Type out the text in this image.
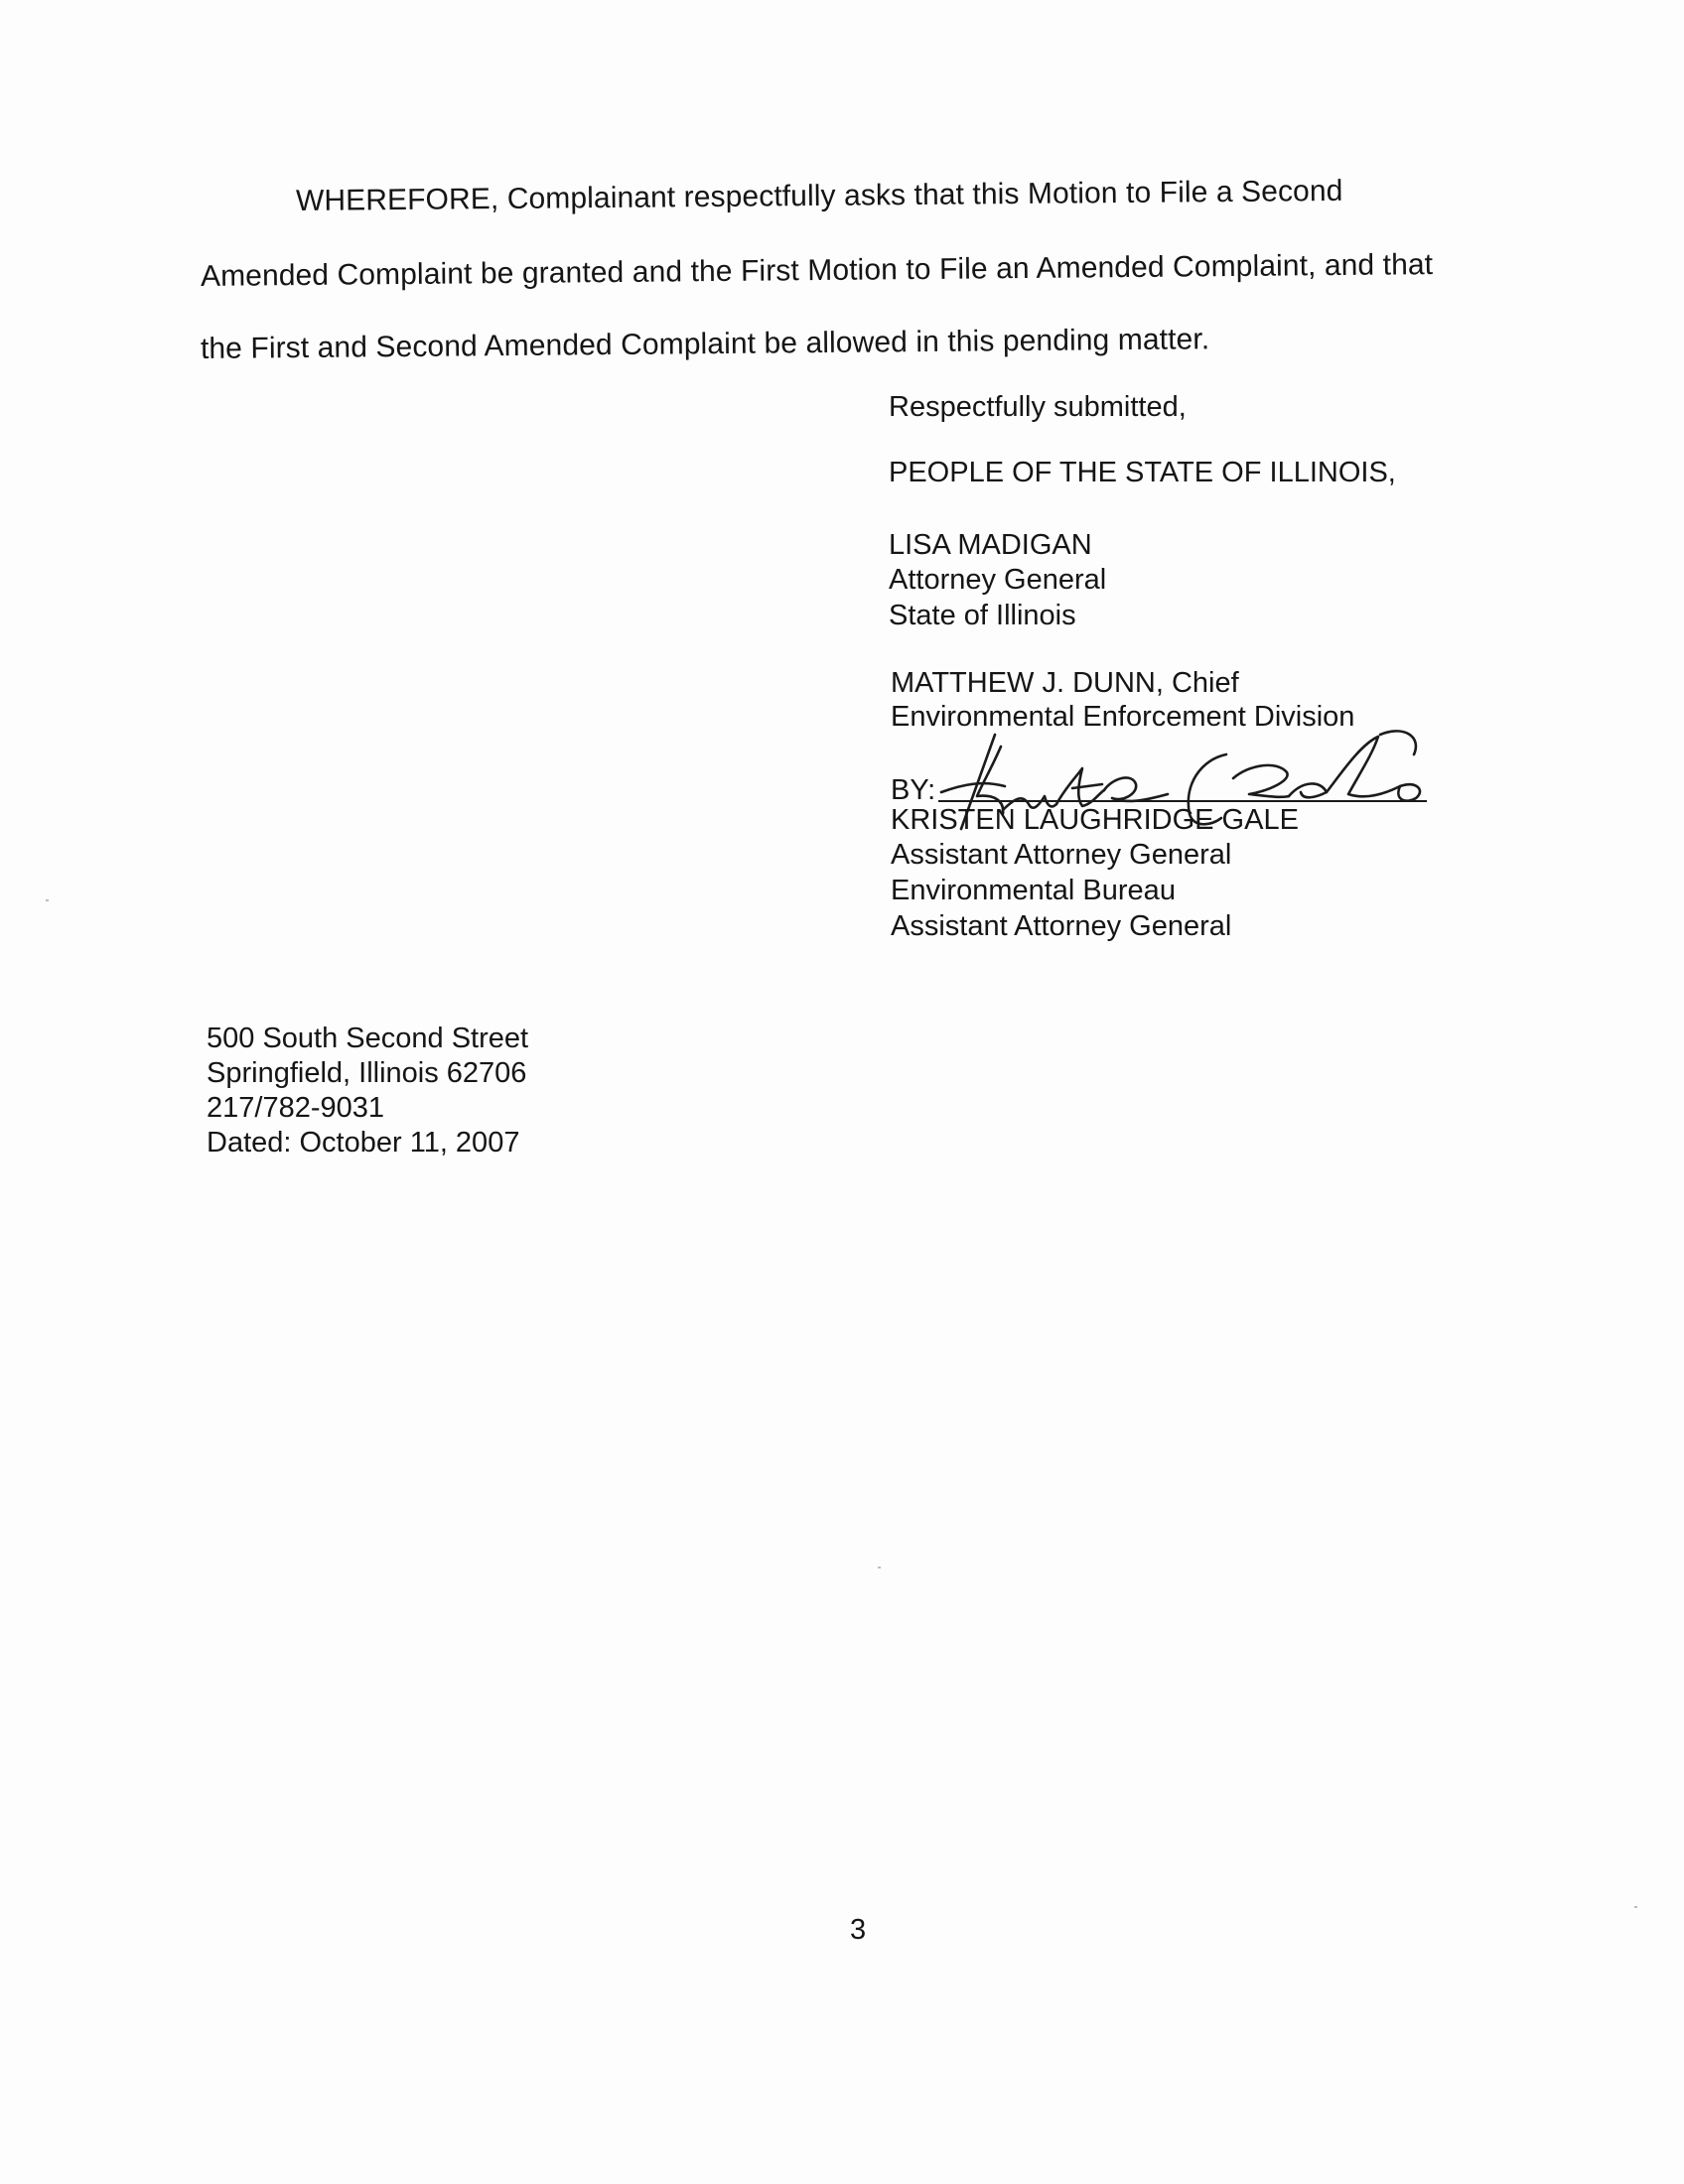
WHEREFORE, Complainant respectfully asks that this Motion to File a Second
Amended Complaint be granted and the First Motion to File an Amended Complaint, and that
the First and Second Amended Complaint be allowed in this pending matter.
Respectfully submitted,
PEOPLE OF THE STATE OF ILLINOIS,
LISA MADIGAN
Attorney General
State of Illinois
MATTHEW J. DUNN, Chief
Environmental Enforcement Division
BY:
KRISTEN LAUGHRIDGE GALE
Assistant Attorney General
Environmental Bureau
Assistant Attorney General
500 South Second Street
Springfield, Illinois 62706
217/782-9031
Dated: October 11, 2007
3
